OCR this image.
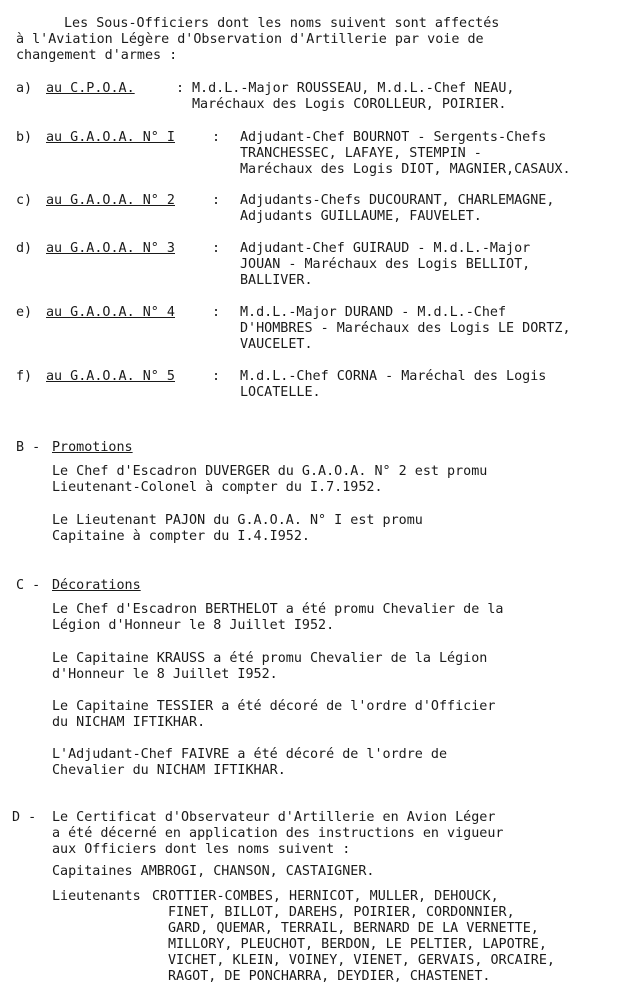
Les Sous-Officiers dont les noms suivent sont affectés
à l'Aviation Légère d'Observation d'Artillerie par voie de
changement d'armes :
a) au C.P.O.A.	: M.d.L.-Major ROUSSEAU, M.d.L.-Chef NEAU,
Maréchaux des Logis COROLLEUR, POIRIER.
b) au G.A.O.A. N° I	: Adjudant-Chef BOURNOT - Sergents-Chefs
TRANCHESSEC, LAFAYE, STEMPIN -
Maréchaux des Logis DIOT, MAGNIER,CASAUX.
c) au G.A.O.A. N° 2	: Adjudants-Chefs DUCOURANT, CHARLEMAGNE,
Adjudants GUILLAUME, FAUVELET.
d) au G.A.O.A. N° 3	: Adjudant-Chef GUIRAUD - M.d.L.-Major
JOUAN - Maréchaux des Logis BELLIOT,
BALLIVER.
e) au G.A.O.A. N° 4	: M.d.L.-Major DURAND - M.d.L.-Chef
D'HOMBRES - Maréchaux des Logis LE DORTZ,
VAUCELET.
f) au G.A.O.A. N° 5	: M.d.L.-Chef CORNA - Maréchal des Logis
LOCATELLE.
B - Promotions
Le Chef d'Escadron DUVERGER du G.A.O.A. N° 2 est promu
Lieutenant-Colonel à compter du I.7.1952.
Le Lieutenant PAJON du G.A.O.A. N° I est promu
Capitaine à compter du I.4.I952.
C - Décorations
Le Chef d'Escadron BERTHELOT a été promu Chevalier de la
Légion d'Honneur le 8 Juillet I952.
Le Capitaine KRAUSS a été promu Chevalier de la Légion
d'Honneur le 8 Juillet I952.
Le Capitaine TESSIER a été décoré de l'ordre d'Officier
du NICHAM IFTIKHAR.
L'Adjudant-Chef FAIVRE a été décoré de l'ordre de
Chevalier du NICHAM IFTIKHAR.
D - Le Certificat d'Observateur d'Artillerie en Avion Léger
a été décerné en application des instructions en vigueur
aux Officiers dont les noms suivent :
Capitaines AMBROGI, CHANSON, CASTAIGNER.
Lieutenants CROTTIER-COMBES, HERNICOT, MULLER, DEHOUCK,
FINET, BILLOT, DAREHS, POIRIER, CORDONNIER,
GARD, QUEMAR, TERRAIL, BERNARD DE LA VERNETTE,
MILLORY, PLEUCHOT, BERDON, LE PELTIER, LAPOTRE,
VICHET, KLEIN, VOINEY, VIENET, GERVAIS, ORCAIRE,
RAGOT, DE PONCHARRA, DEYDIER, CHASTENET.
